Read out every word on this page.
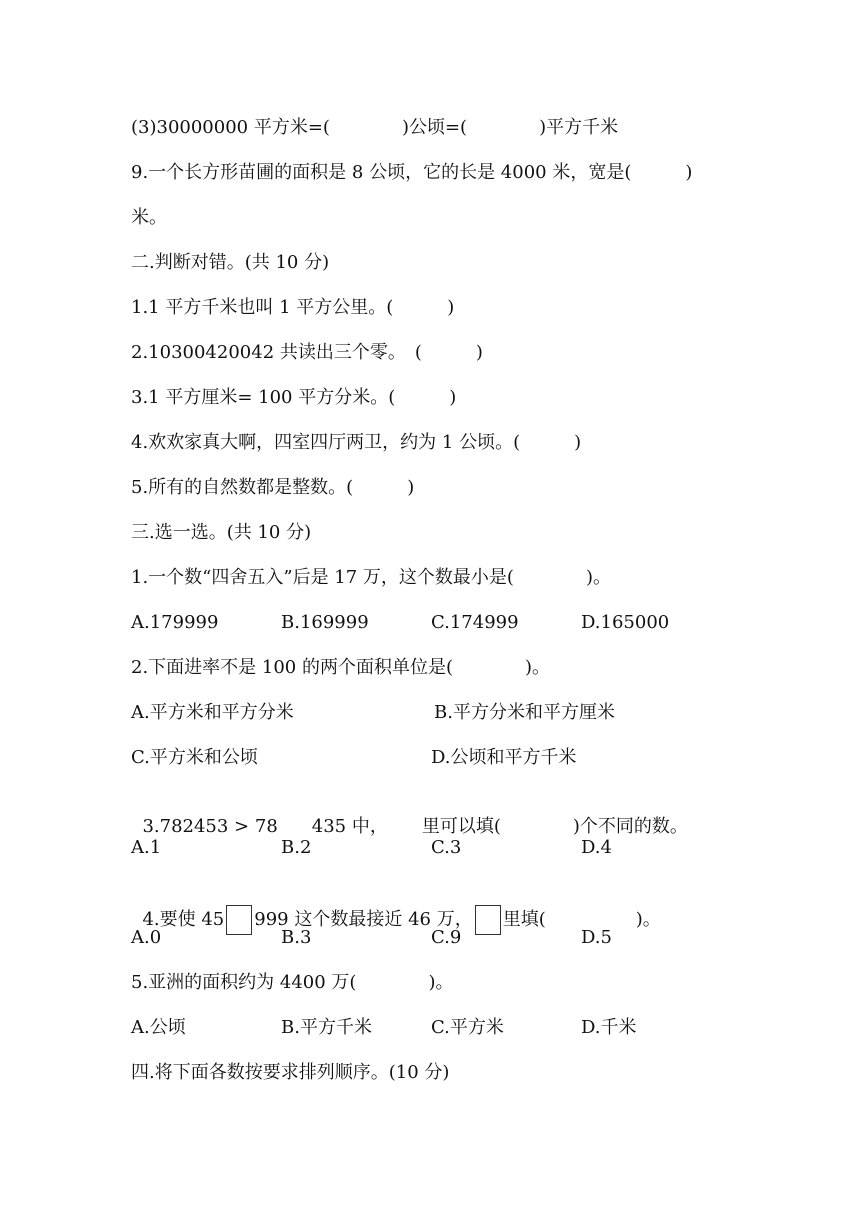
(3)30000000 平方米=(　　　　)公顷=(　　　　)平方千米
9.一个长方形苗圃的面积是 8 公顷，它的长是 4000 米，宽是(　　　)
米。
二.判断对错。(共 10 分)
1.1 平方千米也叫 1 平方公里。(　　　)
2.10300420042 共读出三个零。　(　　　)
3.1 平方厘米= 100 平方分米。(　　　)
4.欢欢家真大啊，四室四厅两卫，约为 1 公顷。(　　　)
5.所有的自然数都是整数。(　　　)
三.选一选。(共 10 分)
1.一个数“四舍五入”后是 17 万，这个数最小是(　　　　)。
A.179999	B.169999	C.174999	D.165000
2.下面进率不是 100 的两个面积单位是(　　　　)。
A.平方米和平方分米	B.平方分米和平方厘米
C.平方米和公顷	D.公顷和平方千米

3.782453 > 78 435 中， 里可以填(　　　　)个不同的数。

A.1	B.2	C.3	D.4

4.要使 45 999 这个数最接近 46 万， 里填(　　　　　)。

A.0	B.3	C.9	D.5
5.亚洲的面积约为 4400 万(　　　　)。
A.公顷	B.平方千米	C.平方米	D.千米
四.将下面各数按要求排列顺序。(10 分)
